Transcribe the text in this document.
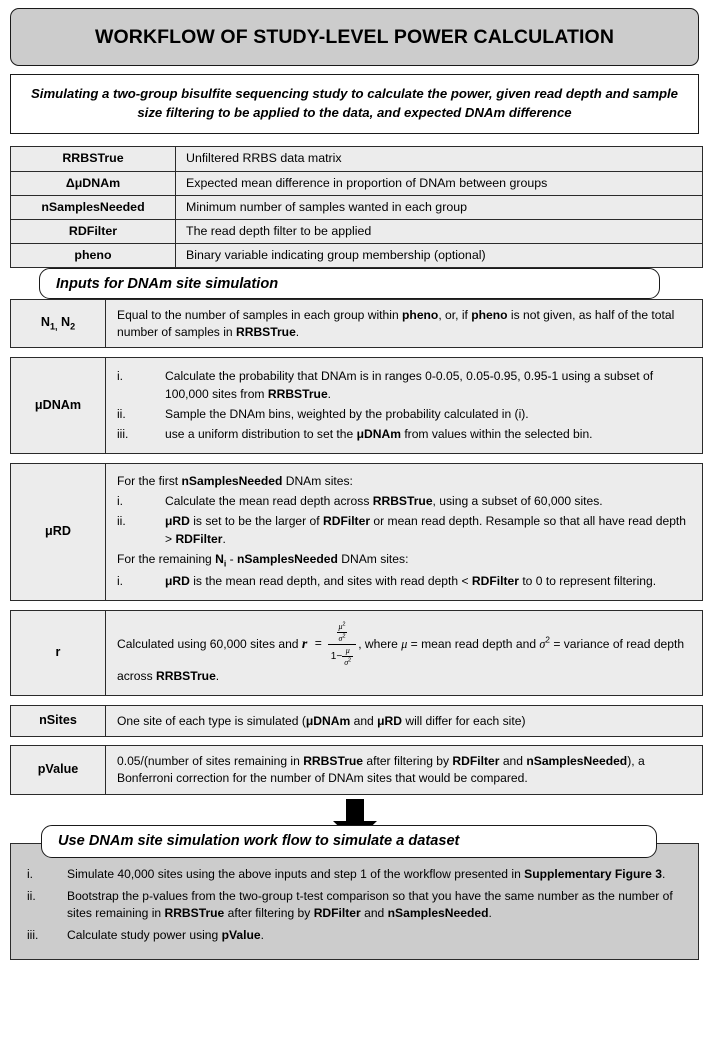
WORKFLOW OF STUDY-LEVEL POWER CALCULATION
Simulating a two-group bisulfite sequencing study to calculate the power, given read depth and sample size filtering to be applied to the data, and expected DNAm difference
RRBSTrue	Unfiltered RRBS data matrix
ΔμDNAm	Expected mean difference in proportion of DNAm between groups
nSamplesNeeded	Minimum number of samples wanted in each group
RDFilter	The read depth filter to be applied
pheno	Binary variable indicating group membership (optional)
Inputs for DNAm site simulation
$N_{1,}$ $N_2$	Equal to the number of samples in each group within pheno, or, if pheno is not given, as half of the total number of samples in RRBSTrue.

μDNAm	
i.	Calculate the probability that DNAm is in ranges 0-0.05, 0.05-0.95, 0.95-1 using a subset of 100,000 sites from RRBSTrue.
ii.	Sample the DNAm bins, weighted by the probability calculated in (i).
iii.	use a uniform distribution to set the μDNAm from values within the selected bin.

μRD	
For the first nSamplesNeeded DNAm sites:
i.	Calculate the mean read depth across RRBSTrue, using a subset of 60,000 sites.
ii.	μRD is set to be the larger of RDFilter or mean read depth. Resample so that all have read depth > RDFilter.
For the remaining $N_i$ - nSamplesNeeded DNAm sites:
i.	μRD is the mean read depth, and sites with read depth < RDFilter to 0 to represent filtering.

r	Calculated using 60,000 sites and $r = \frac{\frac{\mu^2}{\sigma^2}}{1- \frac{\mu}{\sigma^2}}$ , where μ = mean read depth and $\sigma^2$ = variance of read depth across RRBSTrue.

nSites	One site of each type is simulated (μDNAm and μRD will differ for each site)

pValue	0.05/(number of sites remaining in RRBSTrue after filtering by RDFilter and nSamplesNeeded), a Bonferroni correction for the number of DNAm sites that would be compared.
Use DNAm site simulation work flow to simulate a dataset
i.	Simulate 40,000 sites using the above inputs and step 1 of the workflow presented in Supplementary Figure 3.
ii.	Bootstrap the p-values from the two-group t-test comparison so that you have the same number as the number of sites remaining in RRBSTrue after filtering by RDFilter and nSamplesNeeded.
iii.	Calculate study power using pValue.
